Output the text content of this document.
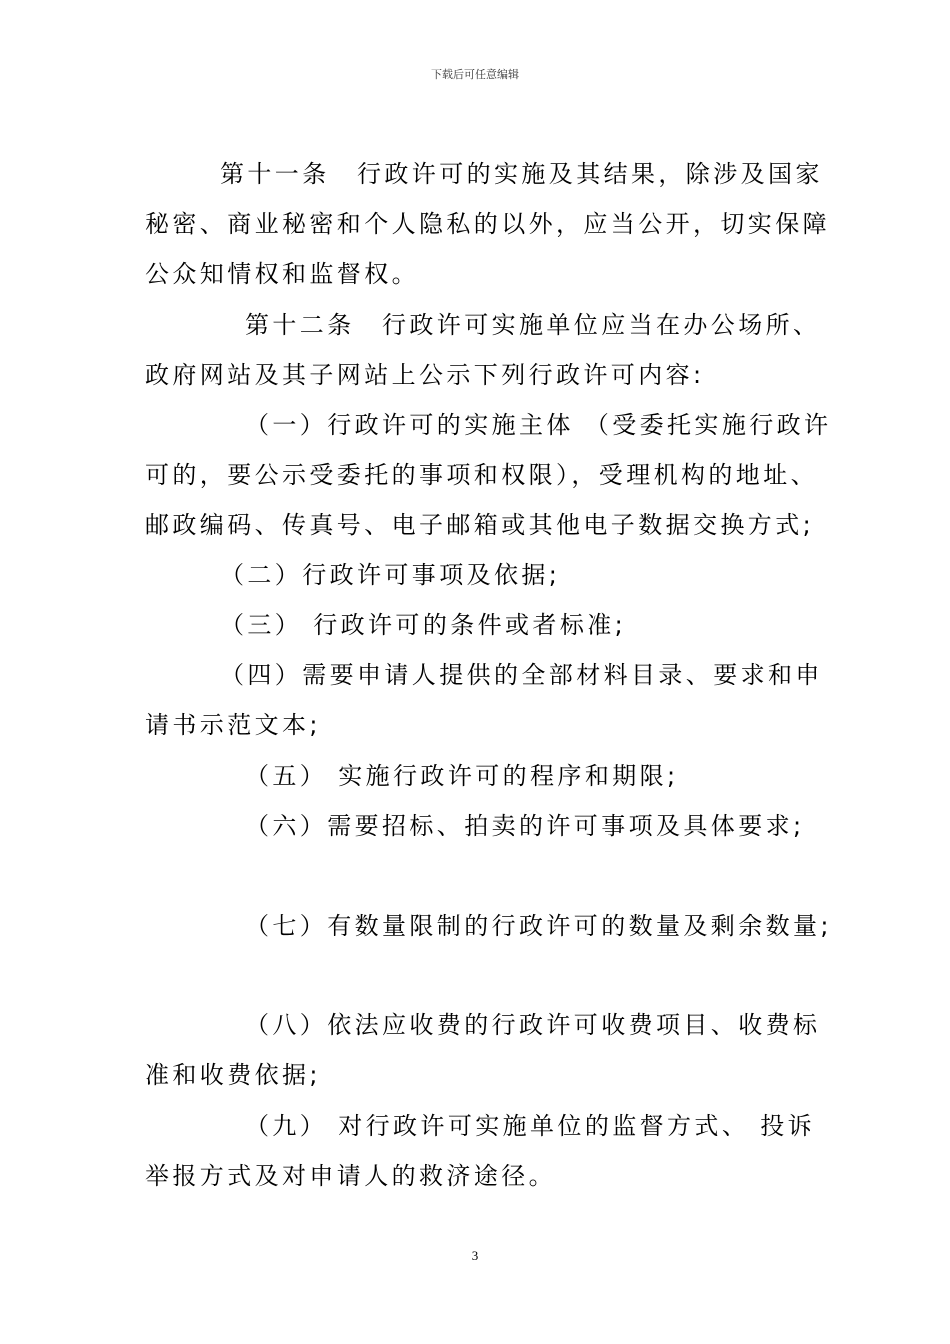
下载后可任意编辑
第十一条　行政许可的实施及其结果，除涉及国家
秘密、商业秘密和个人隐私的以外，应当公开，切实保障
公众知情权和监督权。
第十二条　行政许可实施单位应当在办公场所、
政府网站及其子网站上公示下列行政许可内容:
（一）行政许可的实施主体 （受委托实施行政许
可的，要公示受委托的事项和权限），受理机构的地址、
邮政编码、传真号、电子邮箱或其他电子数据交换方式;
（二）行政许可事项及依据;
（三） 行政许可的条件或者标准;
（四）需要申请人提供的全部材料目录、要求和申
请书示范文本;
（五） 实施行政许可的程序和期限;
（六）需要招标、拍卖的许可事项及具体要求;
（七）有数量限制的行政许可的数量及剩余数量;
（八）依法应收费的行政许可收费项目、收费标
准和收费依据;
（九） 对行政许可实施单位的监督方式、 投诉
举报方式及对申请人的救济途径。
3
